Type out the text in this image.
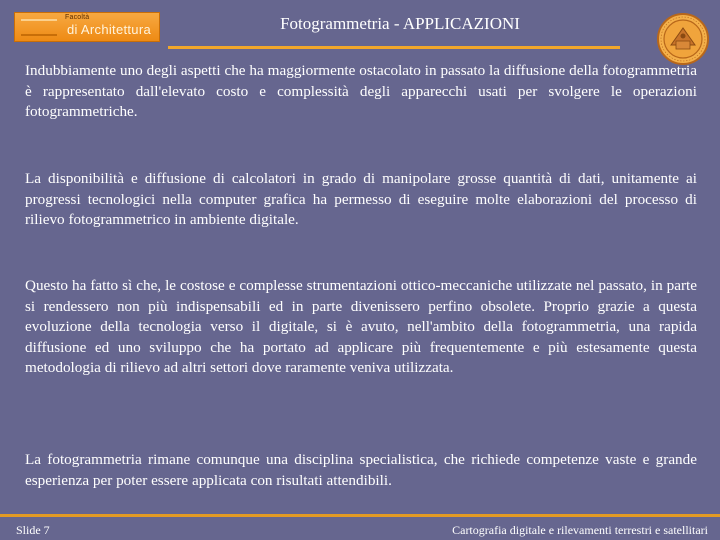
Facoltà
di Architettura	Fotogrammetria - APPLICAZIONI

Indubbiamente uno degli aspetti che ha maggiormente ostacolato in passato la diffusione della fotogrammetria è rappresentato dall'elevato costo e complessità degli apparecchi usati per svolgere le operazioni fotogrammetriche.

La disponibilità e diffusione di calcolatori in grado di manipolare grosse quantità di dati, unitamente ai progressi tecnologici nella computer grafica ha permesso di eseguire molte elaborazioni del processo di rilievo fotogrammetrico in ambiente digitale.

Questo ha fatto sì che, le costose e complesse strumentazioni ottico-meccaniche utilizzate nel passato, in parte si rendessero non più indispensabili ed in parte divenissero perfino obsolete. Proprio grazie a questa evoluzione della tecnologia verso il digitale, si è avuto, nell'ambito della fotogrammetria, una rapida diffusione ed uno sviluppo che ha portato ad applicare più frequentemente e più estesamente questa metodologia di rilievo ad altri settori dove raramente veniva utilizzata.

La fotogrammetria rimane comunque una disciplina specialistica, che richiede competenze vaste e grande esperienza per poter essere applicata con risultati attendibili.

Slide 7	Cartografia digitale e rilevamenti terrestri e satellitari
